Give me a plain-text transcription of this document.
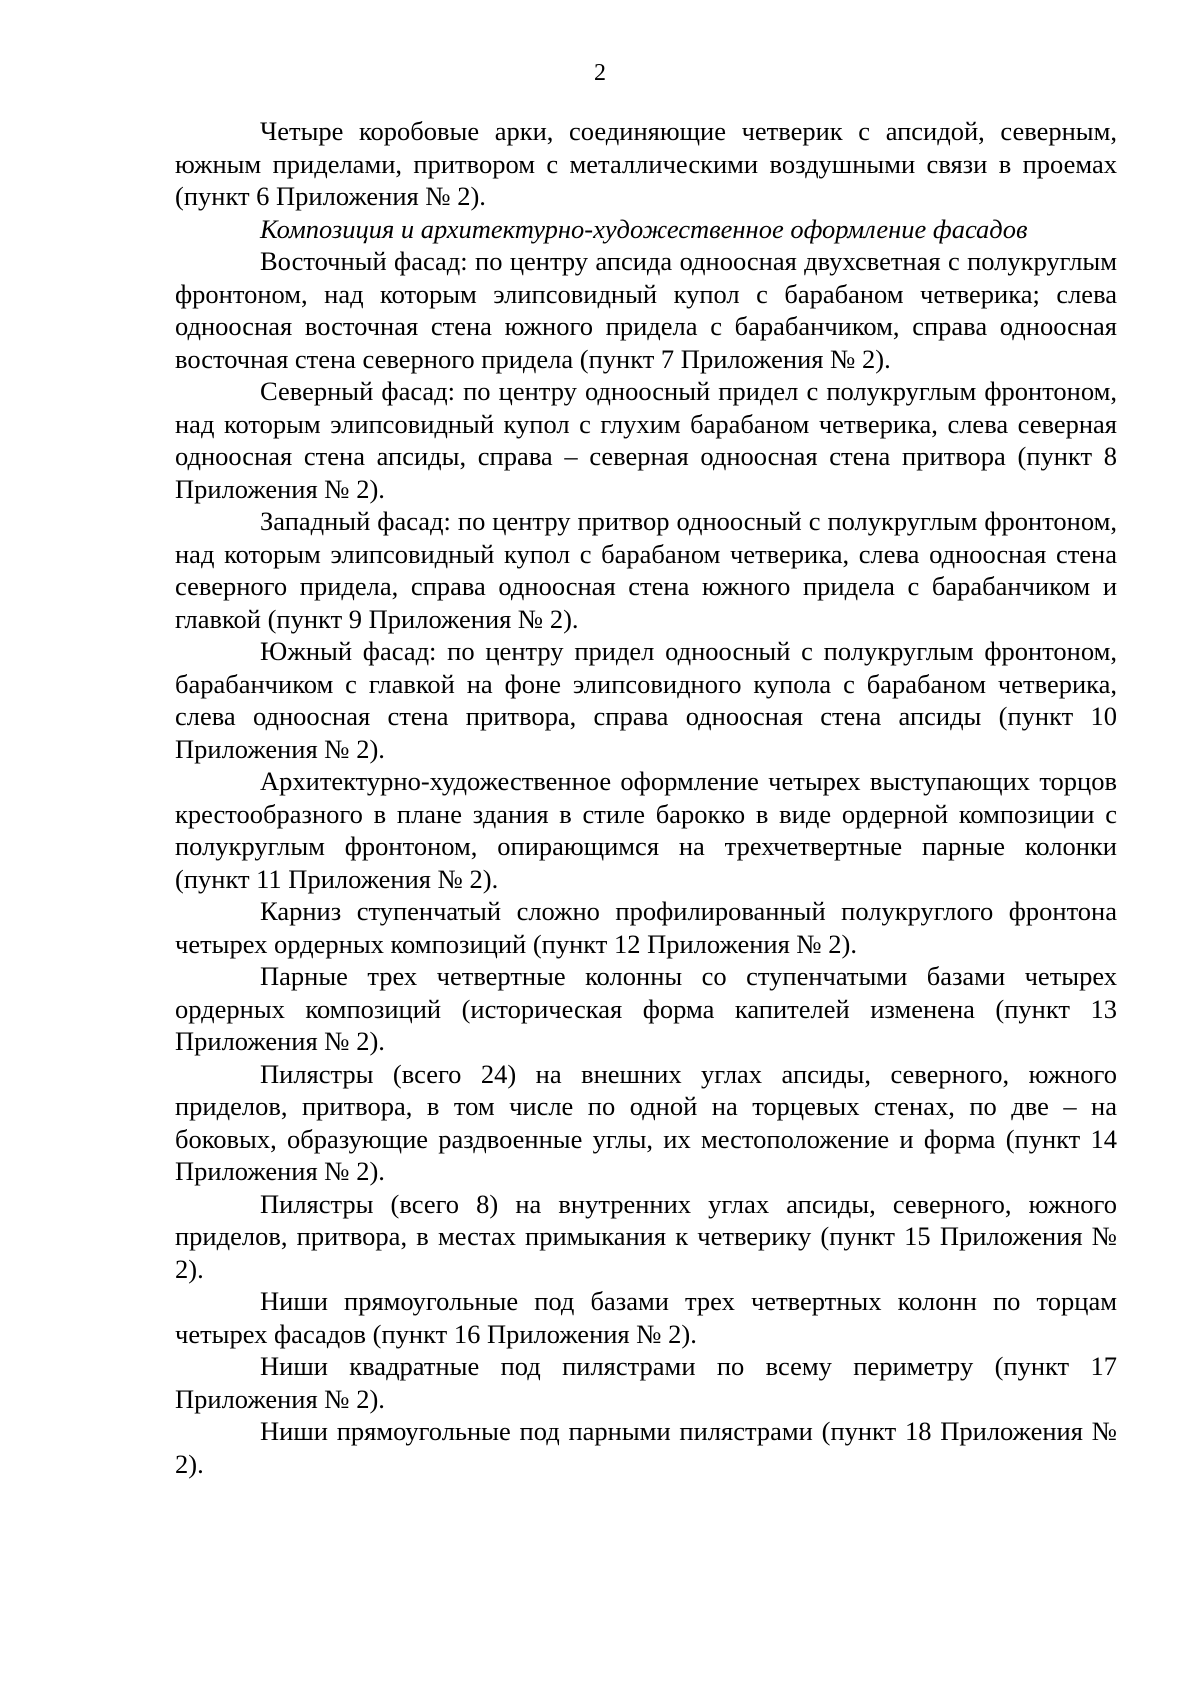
2

Четыре коробовые арки, соединяющие четверик с апсидой, северным, южным приделами, притвором с металлическими воздушными связи в проемах (пункт 6 Приложения № 2).

Композиция и архитектурно-художественное оформление фасадов

Восточный фасад: по центру апсида одноосная двухсветная с полукруглым фронтоном, над которым элипсовидный купол с барабаном четверика; слева одноосная восточная стена южного придела с барабанчиком, справа одноосная восточная стена северного придела (пункт 7 Приложения № 2).

Северный фасад: по центру одноосный придел с полукруглым фронтоном, над которым элипсовидный купол с глухим барабаном четверика, слева северная одноосная стена апсиды, справа – северная одноосная стена притвора (пункт 8 Приложения № 2).

Западный фасад: по центру притвор одноосный с полукруглым фронтоном, над которым элипсовидный купол с барабаном четверика, слева одноосная стена северного придела, справа одноосная стена южного придела с барабанчиком и главкой (пункт 9 Приложения № 2).

Южный фасад: по центру придел одноосный с полукруглым фронтоном, барабанчиком с главкой на фоне элипсовидного купола с барабаном четверика, слева одноосная стена притвора, справа одноосная стена апсиды (пункт 10 Приложения № 2).

Архитектурно-художественное оформление четырех выступающих торцов крестообразного в плане здания в стиле барокко в виде ордерной композиции с полукруглым фронтоном, опирающимся на трехчетвертные парные колонки (пункт 11 Приложения № 2).

Карниз ступенчатый сложно профилированный полукруглого фронтона четырех ордерных композиций (пункт 12 Приложения № 2).

Парные трех четвертные колонны со ступенчатыми базами четырех ордерных композиций (историческая форма капителей изменена (пункт 13 Приложения № 2).

Пилястры (всего 24) на внешних углах апсиды, северного, южного приделов, притвора, в том числе по одной на торцевых стенах, по две – на боковых, образующие раздвоенные углы, их местоположение и форма (пункт 14 Приложения № 2).

Пилястры (всего 8) на внутренних углах апсиды, северного, южного приделов, притвора, в местах примыкания к четверику (пункт 15 Приложения № 2).

Ниши прямоугольные под базами трех четвертных колонн по торцам четырех фасадов (пункт 16 Приложения № 2).

Ниши квадратные под пилястрами по всему периметру (пункт 17 Приложения № 2).

Ниши прямоугольные под парными пилястрами (пункт 18 Приложения № 2).
